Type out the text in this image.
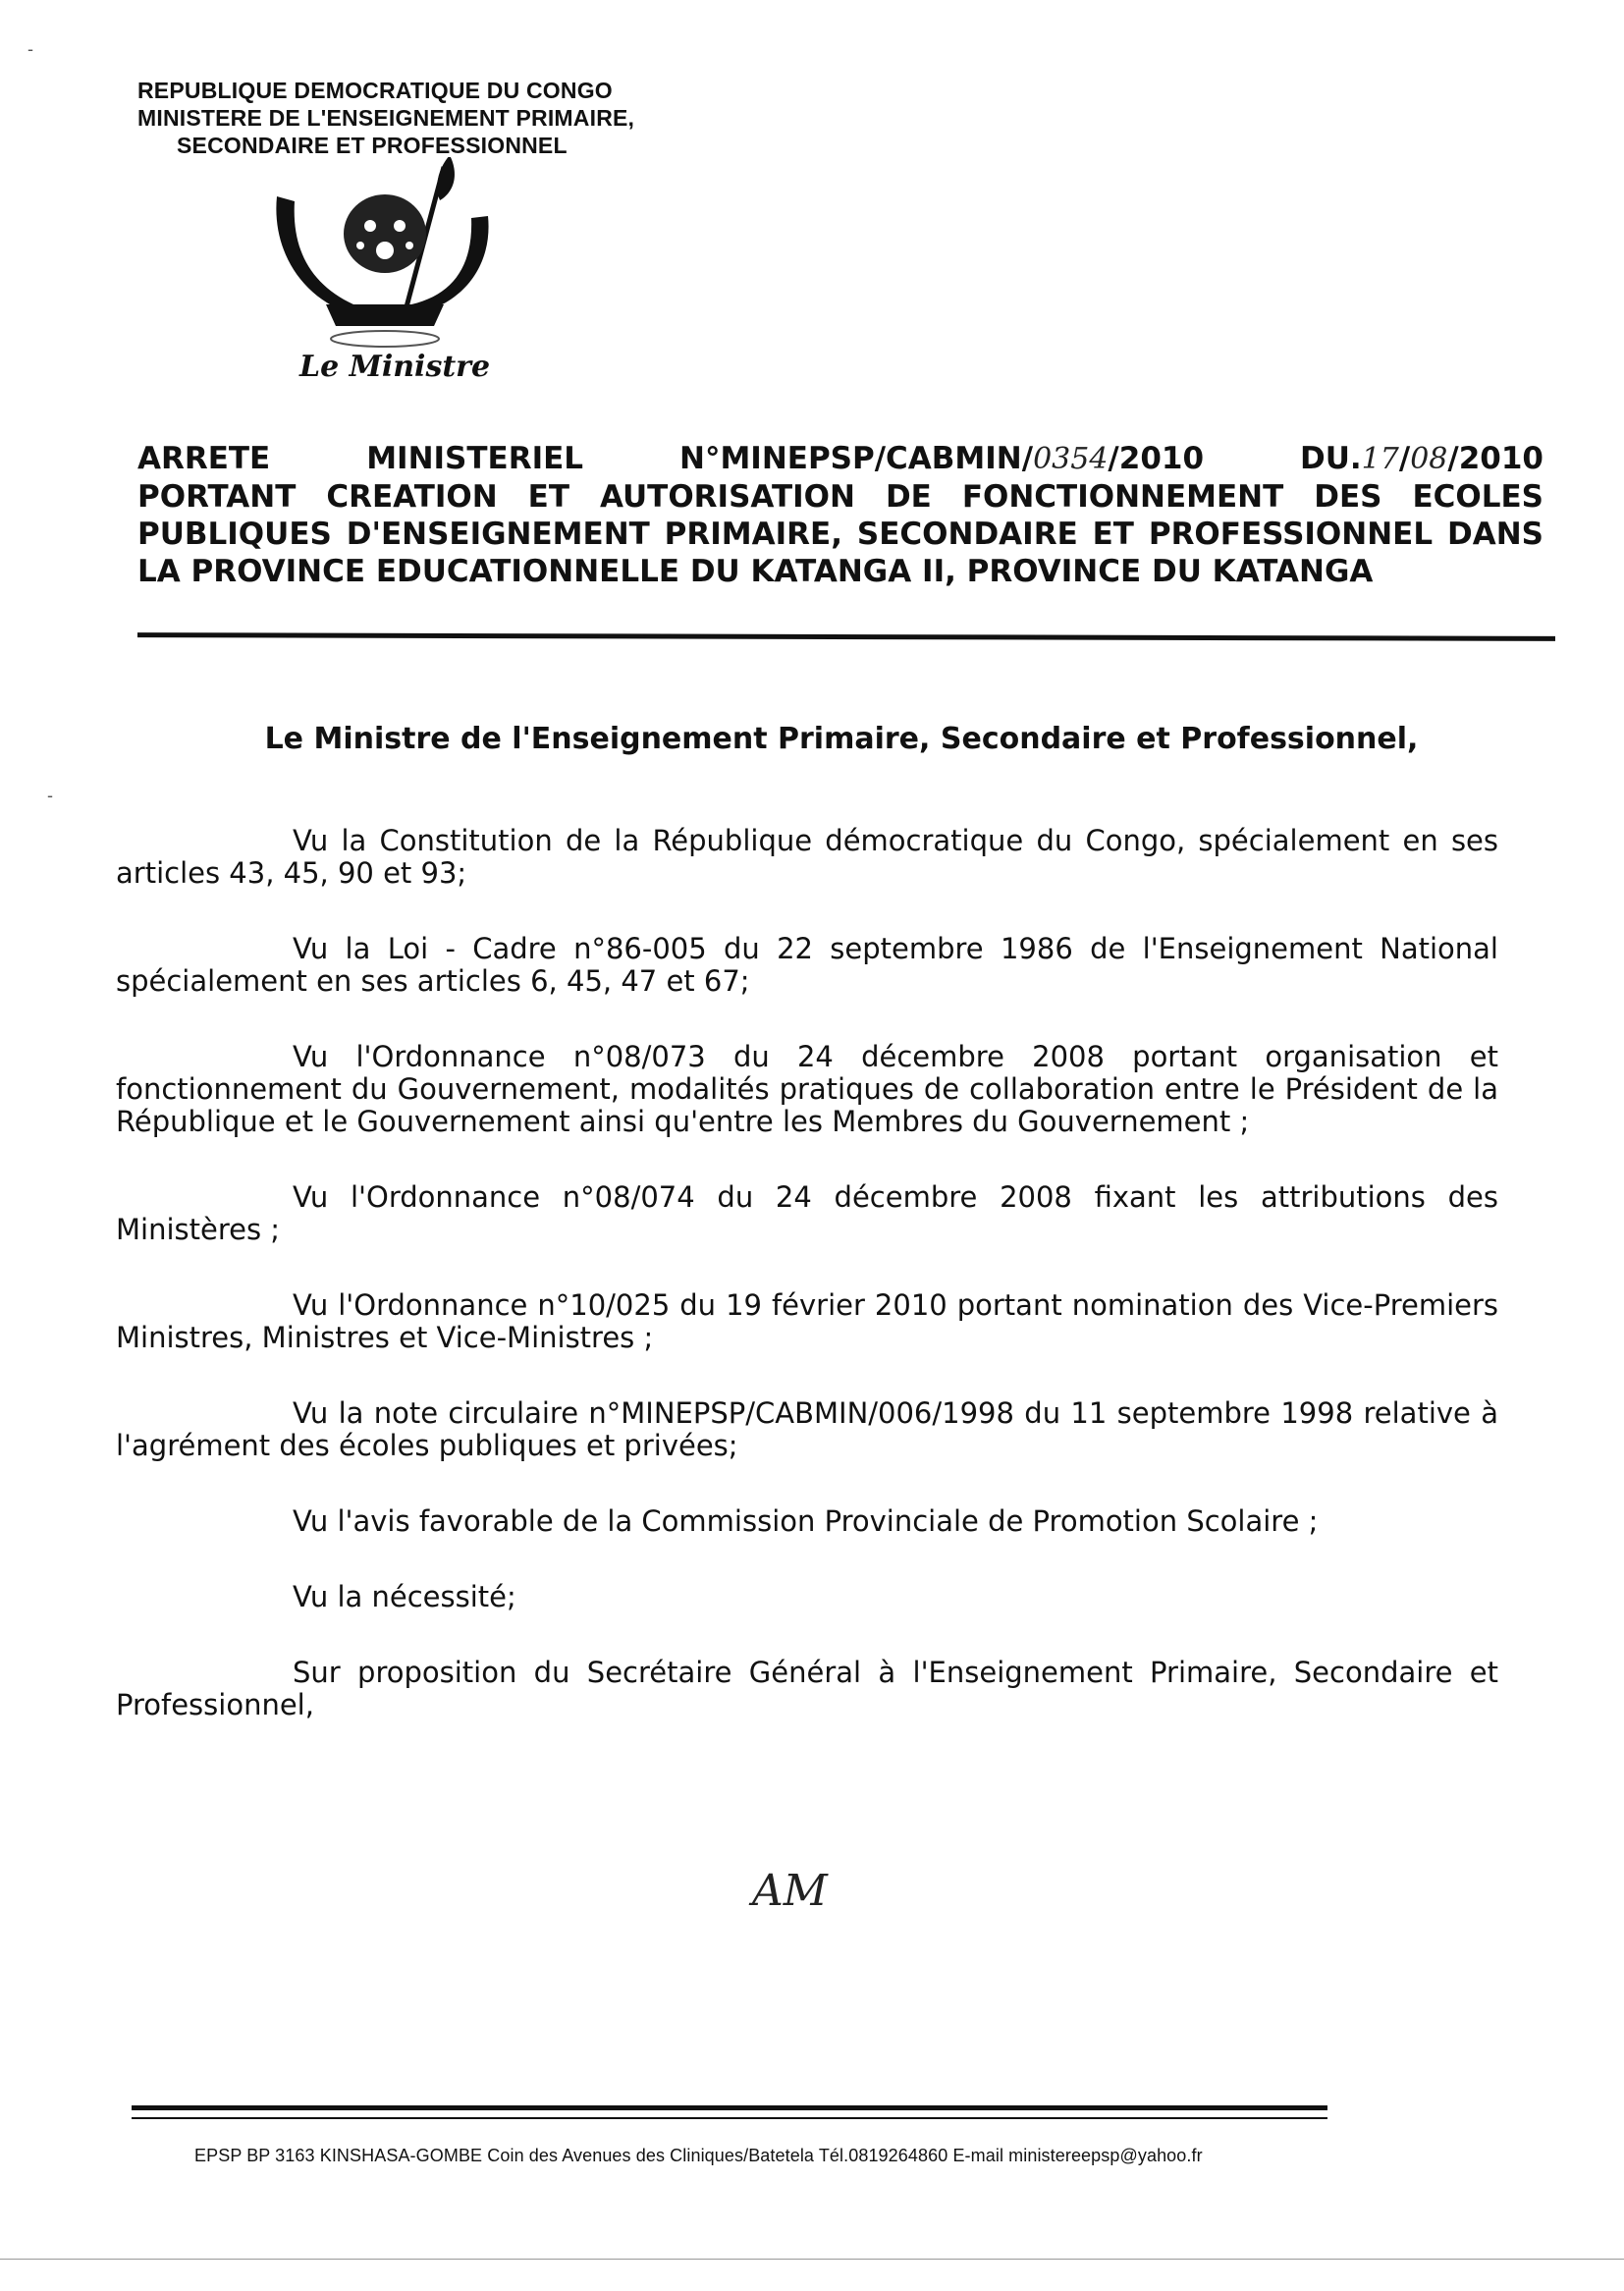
-
-
REPUBLIQUE DEMOCRATIQUE DU CONGO
MINISTERE DE L'ENSEIGNEMENT PRIMAIRE,
SECONDAIRE ET PROFESSIONNEL
Le Ministre
ARRETE	MINISTERIEL	N°MINEPSP/CABMIN/0354/2010	DU.17/08/2010
PORTANT CREATION ET AUTORISATION DE FONCTIONNEMENT DES ECOLES PUBLIQUES D'ENSEIGNEMENT PRIMAIRE, SECONDAIRE ET PROFESSIONNEL DANS LA PROVINCE EDUCATIONNELLE DU KATANGA II, PROVINCE DU KATANGA
Le Ministre de l'Enseignement Primaire, Secondaire et Professionnel,

Vu la Constitution de la République démocratique du Congo, spécialement en ses articles 43, 45, 90 et 93;

Vu la Loi - Cadre n°86-005 du 22 septembre 1986 de l'Enseignement National spécialement en ses articles 6, 45, 47 et 67;

Vu l'Ordonnance n°08/073 du 24 décembre 2008 portant organisation et fonctionnement du Gouvernement, modalités pratiques de collaboration entre le Président de la République et le Gouvernement ainsi qu'entre les Membres du Gouvernement ;

Vu l'Ordonnance n°08/074 du 24 décembre 2008 fixant les attributions des Ministères ;

Vu l'Ordonnance n°10/025 du 19 février 2010 portant nomination des Vice-Premiers Ministres, Ministres et Vice-Ministres ;

Vu la note circulaire n°MINEPSP/CABMIN/006/1998 du 11 septembre 1998 relative à l'agrément des écoles publiques et privées;

Vu l'avis favorable de la Commission Provinciale de Promotion Scolaire ;

Vu la nécessité;

Sur proposition du Secrétaire Général à l'Enseignement Primaire, Secondaire et Professionnel,

AM
EPSP BP 3163 KINSHASA-GOMBE Coin des Avenues des Cliniques/Batetela Tél.0819264860 E-mail ministereepsp@yahoo.fr
